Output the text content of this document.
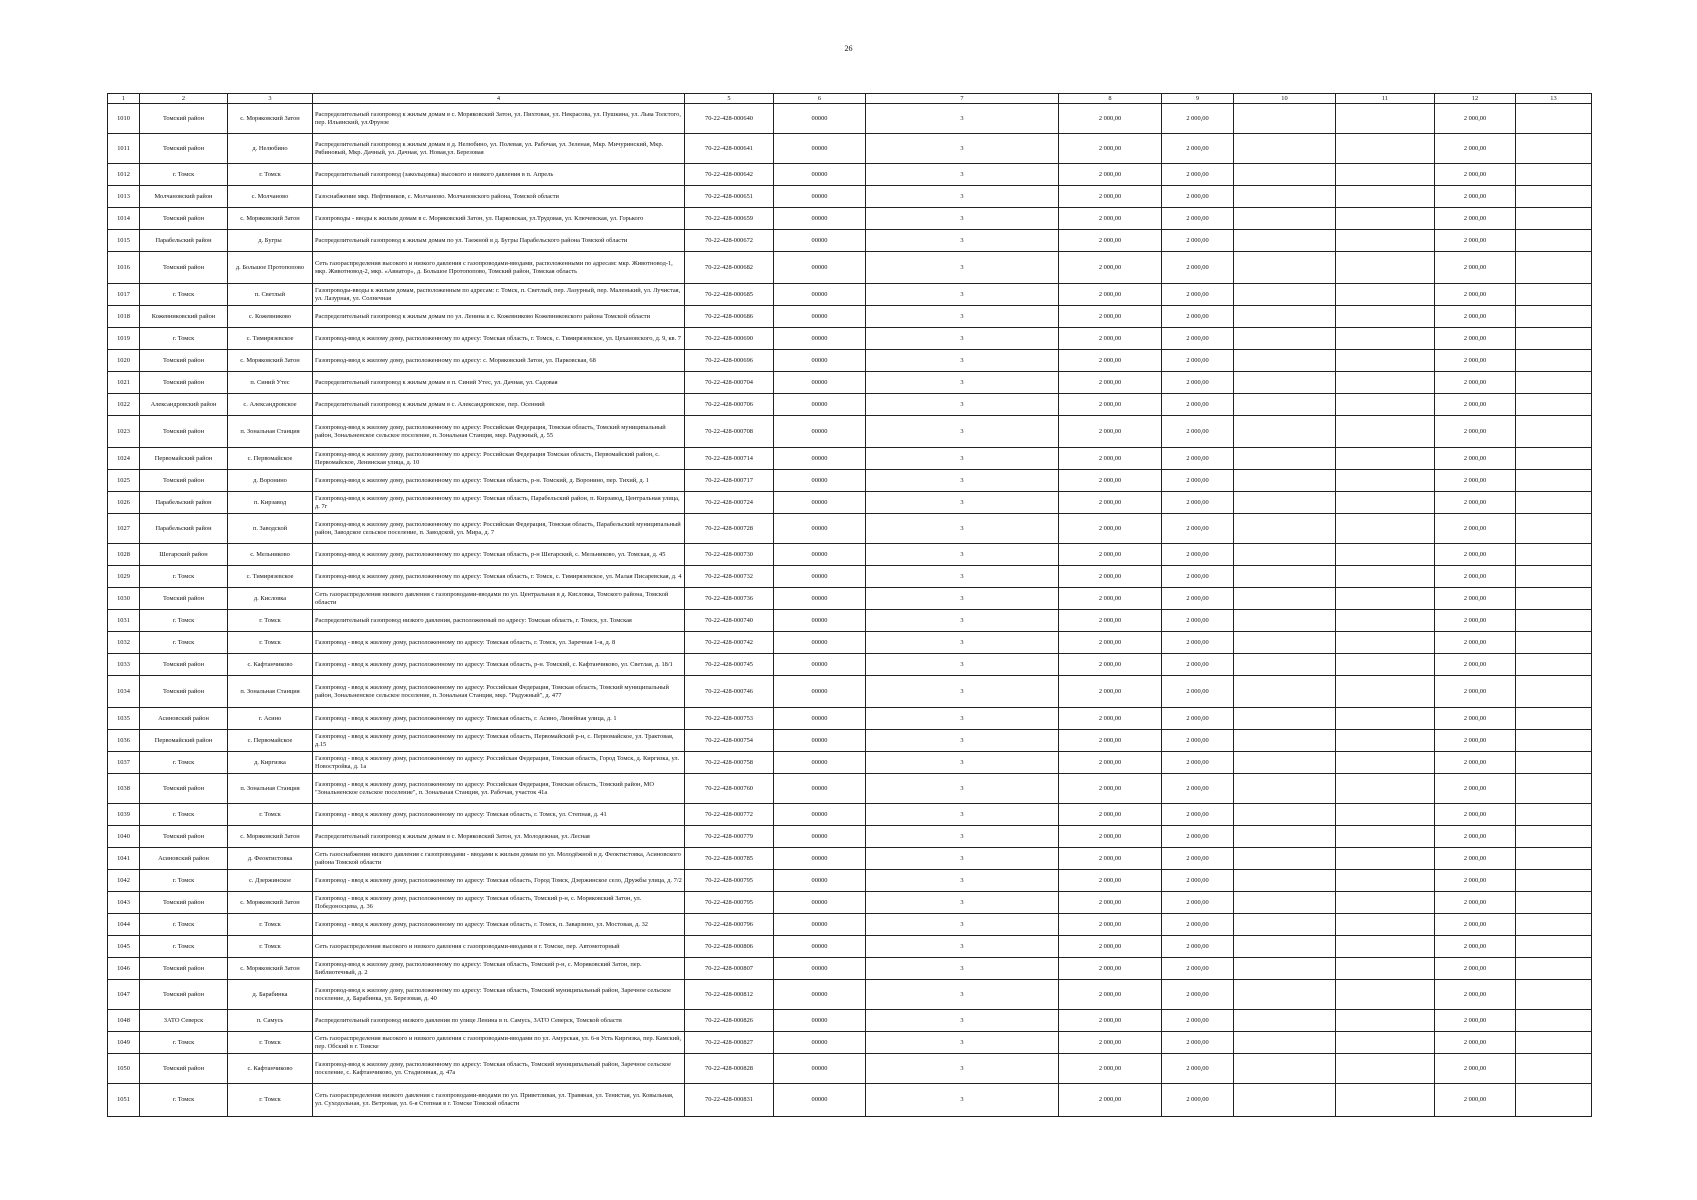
26
1	2	3	4	5	6	7	8	9	10	11	12	13
1010	Томский район	с. Моряковский Затон	Распределительный газопровод к жилым домам в с. Моряковский Затон, ул. Пихтовая, ул. Некрасова, ул. Пушкина, ул. Льва Толстого, пер. Ильинский, ул.Фрунзе	70-22-428-000640	00000	3	2 000,00	2 000,00			2 000,00	
1011	Томский район	д. Нелюбино	Распределительный газопровод к жилым домам в д. Нелюбино, ул. Полевая, ул. Рабочая, ул. Зеленая, Мкр. Мичуринский, Мкр. Рябиновый, Мкр. Дачный, ул. Дачная, ул. Новая,ул. Березовая	70-22-428-000641	00000	3	2 000,00	2 000,00			2 000,00	
1012	г. Томск	г. Томск	Распределительный газопровод (закольцовка) высокого и низкого давления в п. Апрель	70-22-428-000642	00000	3	2 000,00	2 000,00			2 000,00	
1013	Молчановский район	с. Молчаново	Газоснабжение мкр. Нефтяников, с. Молчаново. Молчановского района, Томской области	70-22-428-000651	00000	3	2 000,00	2 000,00			2 000,00	
1014	Томский район	с. Моряковский Затон	Газопроводы - вводы к жилым домам в с. Моряковский Затон, ул. Парковская, ул.Трудовая, ул. Ключевская, ул. Горького	70-22-428-000659	00000	3	2 000,00	2 000,00			2 000,00	
1015	Парабельский район	д. Бугры	Распределительный газопровод к жилым домам по ул. Таежной в д. Бугры Парабельского района Томской области	70-22-428-000672	00000	3	2 000,00	2 000,00			2 000,00	
1016	Томский район	д. Большое Протопопово	Сеть газораспределения высокого и низкого давления с газопроводами-вводами, расположенными по адресам: мкр. Животновод-1, мкр. Животновод-2, мкр. «Авиатор», д. Большое Протопопово, Томский район, Томская область	70-22-428-000682	00000	3	2 000,00	2 000,00			2 000,00	
1017	г. Томск	п. Светлый	Газопроводы-вводы к жилым домам, расположенным по адресам: г. Томск, п. Светлый, пер. Лазурный, пер. Маленький, ул. Лучистая, ул. Лазурная, ул. Солнечная	70-22-428-000685	00000	3	2 000,00	2 000,00			2 000,00	
1018	Кожевниковский район	с. Кожевниково	Распределительный газопровод к жилым домам по ул. Ленина в с. Кожевниково Кожевниковского района Томской области	70-22-428-000686	00000	3	2 000,00	2 000,00			2 000,00	
1019	г. Томск	с. Тимирязевское	Газопровод-ввод к жилому дому, расположенному по адресу: Томская область, г. Томск, с. Тимирязевское, ул. Цехановского, д. 9, кв. 7	70-22-428-000690	00000	3	2 000,00	2 000,00			2 000,00	
1020	Томский район	с. Моряковский Затон	Газопровод-ввод к жилому дому, расположенному по адресу: с. Моряковский Затон, ул. Парковская, 68	70-22-428-000696	00000	3	2 000,00	2 000,00			2 000,00	
1021	Томский район	п. Синий Утес	Распределительный газопровод к жилым домам в п. Синий Утес, ул. Дачная, ул. Садовая	70-22-428-000704	00000	3	2 000,00	2 000,00			2 000,00	
1022	Александровский район	с. Александровское	Распределительный газопровод к жилым домам в с. Александровское, пер. Осенний	70-22-428-000706	00000	3	2 000,00	2 000,00			2 000,00	
1023	Томский район	п. Зональная Станция	Газопровод-ввод к жилому дому, расположенному по адресу: Российская Федерация, Томская область, Томский муниципальный район, Зональненское сельское поселение, п. Зональная Станция, мкр. Радужный, д. 55	70-22-428-000708	00000	3	2 000,00	2 000,00			2 000,00	
1024	Первомайский район	с. Первомайское	Газопровод-ввод к жилому дому, расположенному по адресу: Российская Федерация Томская область, Первомайский район, с. Первомайское, Ленинская улица, д. 10	70-22-428-000714	00000	3	2 000,00	2 000,00			2 000,00	
1025	Томский район	д. Воронино	Газопровод-ввод к жилому дому, расположенному по адресу: Томская область, р-н. Томский, д. Воронино, пер. Тихий, д. 1	70-22-428-000717	00000	3	2 000,00	2 000,00			2 000,00	
1026	Парабельский район	п. Кирзавод	Газопровод-ввод к жилому дому, расположенному по адресу: Томская область, Парабельский район, п. Кирзавод, Центральная улица, д. 7г	70-22-428-000724	00000	3	2 000,00	2 000,00			2 000,00	
1027	Парабельский район	п. Заводской	Газопровод-ввод к жилому дому, расположенному по адресу: Российская Федерация, Томская область, Парабельский муниципальный район, Заводское сельское поселение, п. Заводской, ул. Мира, д. 7	70-22-428-000728	00000	3	2 000,00	2 000,00			2 000,00	
1028	Шегарский район	с. Мельниково	Газопровод-ввод к жилому дому, расположенному по адресу: Томская область, р-н Шегарский, с. Мельниково, ул. Томская, д. 45	70-22-428-000730	00000	3	2 000,00	2 000,00			2 000,00	
1029	г. Томск	с. Тимирязевское	Газопровод-ввод к жилому дому, расположенному по адресу: Томская область, г. Томск, с. Тимирязевское, ул. Малая Писаревская, д. 4	70-22-428-000732	00000	3	2 000,00	2 000,00			2 000,00	
1030	Томский район	д. Кисловка	Сеть газораспределения низкого давления с газопроводами-вводами по ул. Центральная в д. Кисловка, Томского района, Томской области	70-22-428-000736	00000	3	2 000,00	2 000,00			2 000,00	
1031	г. Томск	г. Томск	Распределительный газопровод низкого давления, расположенный по адресу: Томская область, г. Томск, ул. Томская	70-22-428-000740	00000	3	2 000,00	2 000,00			2 000,00	
1032	г. Томск	г. Томск	Газопровод - ввод к жилому дому, расположенному по адресу: Томская область, г. Томск, ул. Заречная 1-я, д. 8	70-22-428-000742	00000	3	2 000,00	2 000,00			2 000,00	
1033	Томский район	с. Кафтанчиково	Газопровод - ввод к жилому дому, расположенному по адресу: Томская область, р-н. Томский, с. Кафтанчиково, ул. Светлая, д. 18/1	70-22-428-000745	00000	3	2 000,00	2 000,00			2 000,00	
1034	Томский район	п. Зональная Станция	Газопровод - ввод к жилому дому, расположенному по адресу: Российская Федерация, Томская область, Томский муниципальный район, Зональненское сельское поселение, п. Зональная Станция, мкр. "Радужный", д. 477	70-22-428-000746	00000	3	2 000,00	2 000,00			2 000,00	
1035	Асиновский район	г. Асино	Газопровод - ввод к жилому дому, расположенному по адресу: Томская область, г. Асино, Линейная улица, д. 1	70-22-428-000753	00000	3	2 000,00	2 000,00			2 000,00	
1036	Первомайский район	с. Первомайское	Газопровод - ввод к жилому дому, расположенному по адресу: Томская область, Первомайский р-н, с. Первомайское, ул. Трактовая, д.15	70-22-428-000754	00000	3	2 000,00	2 000,00			2 000,00	
1037	г. Томск	д. Киргизка	Газопровод - ввод к жилому дому, расположенному по адресу: Российская Федерация, Томская область, Город Томск, д. Киргизка, ул. Новостройка, д. 1а	70-22-428-000758	00000	3	2 000,00	2 000,00			2 000,00	
1038	Томский район	п. Зональная Станция	Газопровод - ввод к жилому дому, расположенному по адресу: Российская Федерация, Томская область, Томский район, МО "Зональненское сельское поселение", п. Зональная Станция, ул. Рабочая, участок 41а	70-22-428-000760	00000	3	2 000,00	2 000,00			2 000,00	
1039	г. Томск	г. Томск	Газопровод - ввод к жилому дому, расположенному по адресу: Томская область, г. Томск, ул. Степная, д. 41	70-22-428-000772	00000	3	2 000,00	2 000,00			2 000,00	
1040	Томский район	с. Моряковский Затон	Распределительный газопровод к жилым домам в с. Моряковский Затон, ул. Молодежная, ул. Лесная	70-22-428-000779	00000	3	2 000,00	2 000,00			2 000,00	
1041	Асиновский район	д. Феоктистовка	Сеть газоснабжения низкого давления с газопроводами - вводами к жилым домам по ул. Молодёжной в д. Феоктистовка, Асиновского района Томской области	70-22-428-000785	00000	3	2 000,00	2 000,00			2 000,00	
1042	г. Томск	с. Дзержинское	Газопровод - ввод к жилому дому, расположенному по адресу: Томская область, Город Томск, Дзержинское село, Дружбы улица, д. 7/2	70-22-428-000795	00000	3	2 000,00	2 000,00			2 000,00	
1043	Томский район	с. Моряковский Затон	Газопровод - ввод к жилому дому, расположенному по адресу: Томская область, Томский р-н, с. Моряковский Затон, ул. Победоносцева, д. 36	70-22-428-000795	00000	3	2 000,00	2 000,00			2 000,00	
1044	г. Томск	г. Томск	Газопровод - ввод к жилому дому, расположенному по адресу: Томская область, г. Томск, п. Заварзино, ул. Мостовая, д. 32	70-22-428-000796	00000	3	2 000,00	2 000,00			2 000,00	
1045	г. Томск	г. Томск	Сеть газораспределения высокого и низкого давления с газопроводами-вводами в г. Томске, пер. Автомоторный	70-22-428-000806	00000	3	2 000,00	2 000,00			2 000,00	
1046	Томский район	с. Моряковский Затон	Газопровод-ввод к жилому дому, расположенному по адресу: Томская область, Томский р-н, с. Моряковский Затон, пер. Библиотечный, д. 2	70-22-428-000807	00000	3	2 000,00	2 000,00			2 000,00	
1047	Томский район	д. Барабинка	Газопровод-ввод к жилому дому, расположенному по адресу: Томская область, Томский муниципальный район, Заречное сельское поселение, д. Барабинка, ул. Березовая, д. 40	70-22-428-000812	00000	3	2 000,00	2 000,00			2 000,00	
1048	ЗАТО Северск	п. Самусь	Распределительный газопровод низкого давления по улице Ленина в п. Самусь, ЗАТО Северск, Томской области	70-22-428-000826	00000	3	2 000,00	2 000,00			2 000,00	
1049	г. Томск	г. Томск	Сеть газораспределения высокого и низкого давления с газопроводами-вводами по ул. Амурская, ул. 6-я Усть Киргизка, пер. Камский, пер. Обский в г. Томске	70-22-428-000827	00000	3	2 000,00	2 000,00			2 000,00	
1050	Томский район	с. Кафтанчиково	Газопровод-ввод к жилому дому, расположенному по адресу: Томская область, Томский муниципальный район, Заречное сельское поселение, с. Кафтанчиково, ул. Стадионная, д. 47а	70-22-428-000828	00000	3	2 000,00	2 000,00			2 000,00	
1051	г. Томск	г. Томск	Сеть газораспределения низкого давления с газопроводами-вводами по ул. Приветливая, ул. Травяная, ул. Тенистая, ул. Ковыльная, ул. Суходольная, ул. Ветровая, ул. 6-я Степная в г. Томске Томской области	70-22-428-000831	00000	3	2 000,00	2 000,00			2 000,00	
